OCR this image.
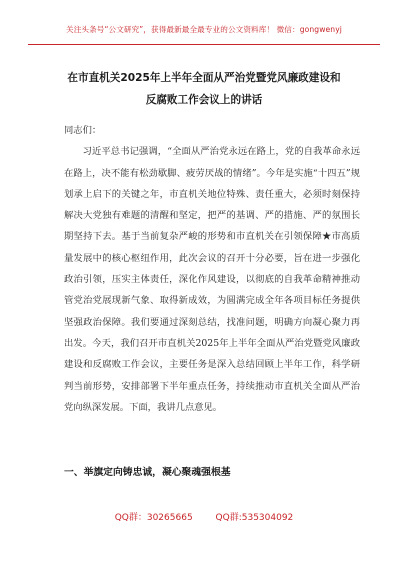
关注头条号“公文研究”，获得最新最全最专业的公文资料库！ 微信：gongwenyj
在市直机关2025年上半年全面从严治党暨党风廉政建设和
反腐败工作会议上的讲话

同志们：

习近平总书记强调，“全面从严治党永远在路上，党的自我革命永远在路上，决不能有松劲歇脚、疲劳厌战的情绪”。今年是实施“十四五”规划承上启下的关键之年，市直机关地位特殊、责任重大，必须时刻保持解决大党独有难题的清醒和坚定，把严的基调、严的措施、严的氛围长期坚持下去。基于当前复杂严峻的形势和市直机关在引领保障★市高质量发展中的核心枢纽作用，此次会议的召开十分必要，旨在进一步强化政治引领，压实主体责任，深化作风建设，以彻底的自我革命精神推动管党治党展现新气象、取得新成效，为圆满完成全年各项目标任务提供坚强政治保障。我们要通过深刻总结，找准问题，明确方向凝心聚力再出发。今天，我们召开市直机关2025年上半年全面从严治党暨党风廉政建设和反腐败工作会议，主要任务是深入总结回顾上半年工作，科学研判当前形势，安排部署下半年重点任务，持续推动市直机关全面从严治党向纵深发展。下面，我讲几点意见。

一、举旗定向铸忠诚，凝心聚魂强根基
QQ群：30265665	QQ群:535304092
